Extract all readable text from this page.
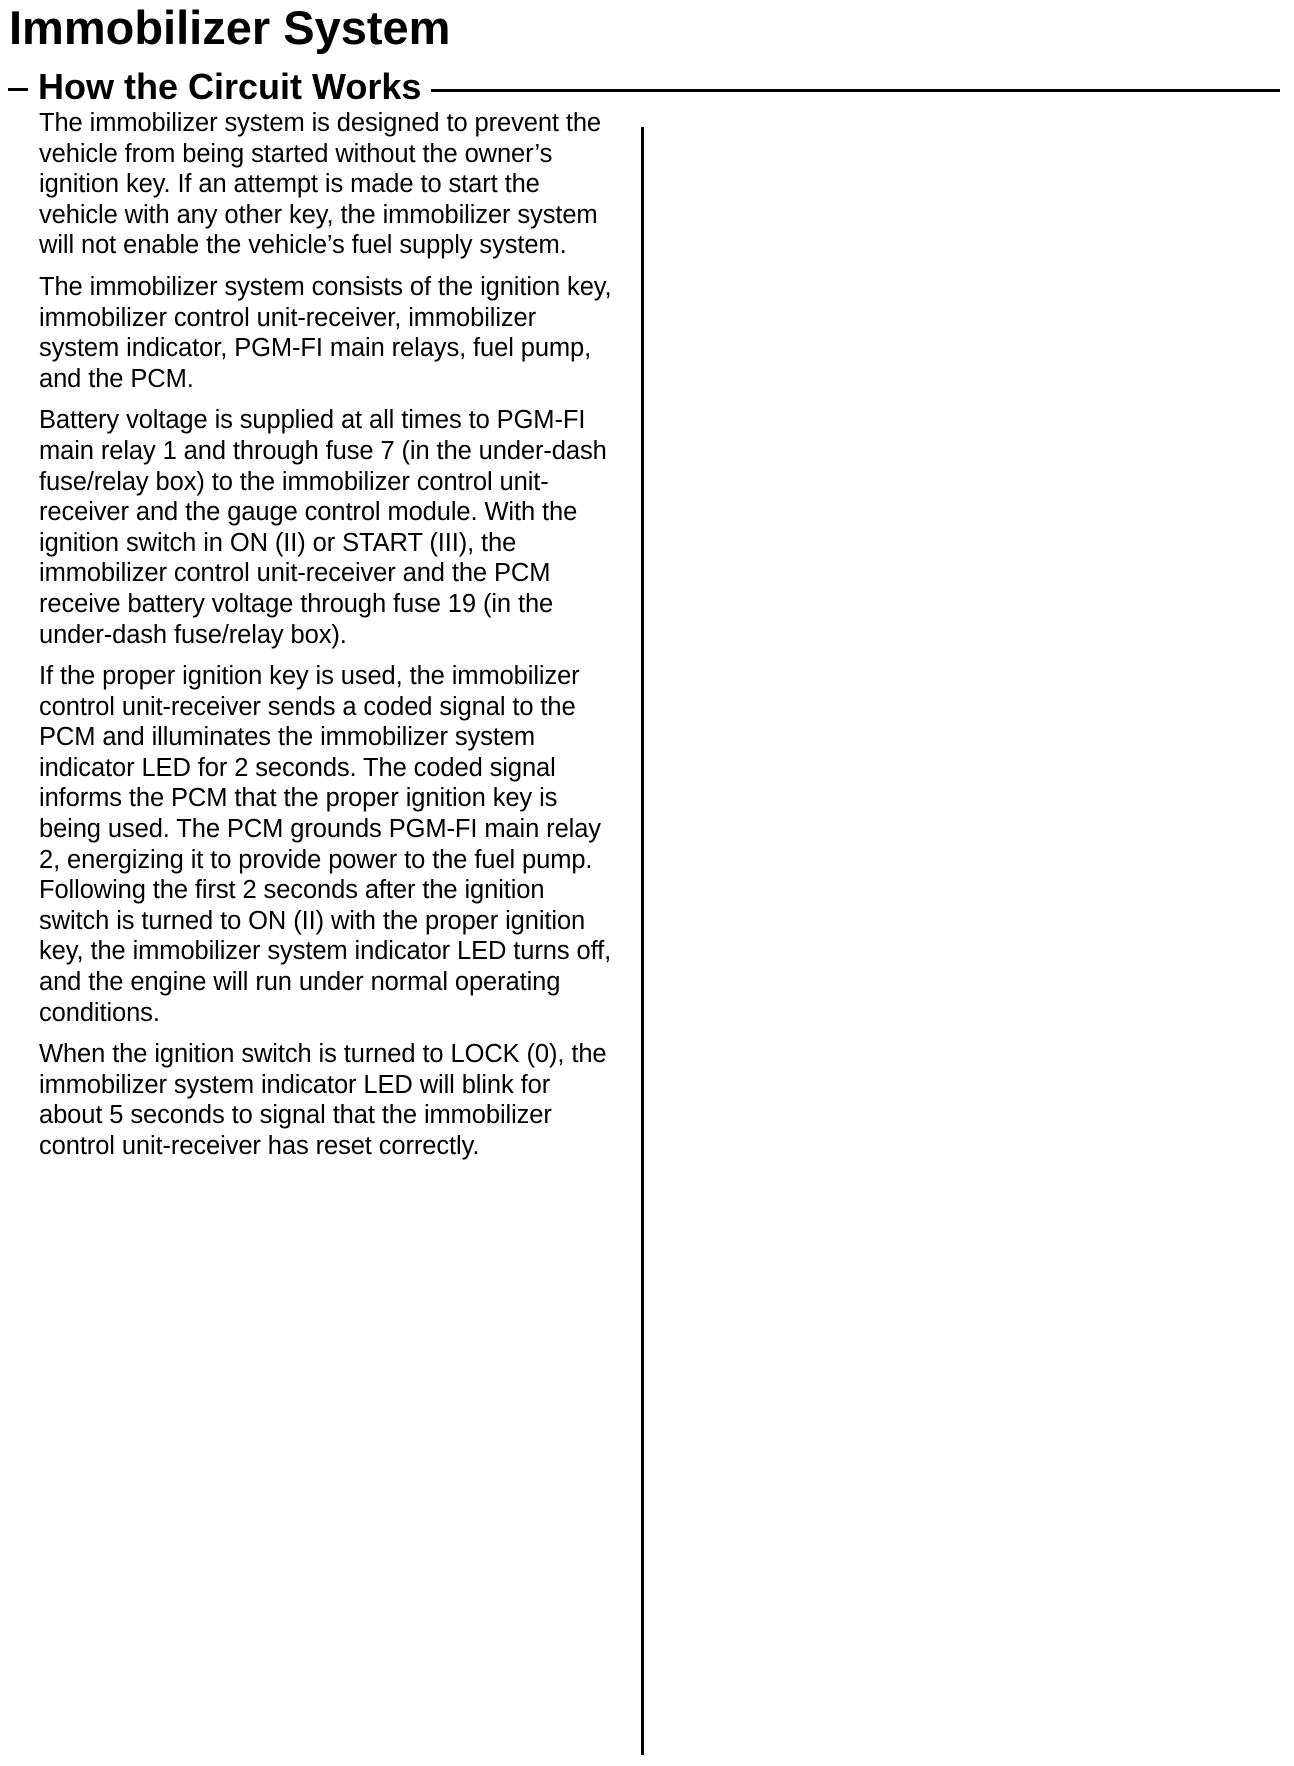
Immobilizer System
How the Circuit Works

The immobilizer system is designed to prevent the vehicle from being started without the owner’s ignition key. If an attempt is made to start the vehicle with any other key, the immobilizer system will not enable the vehicle’s fuel supply system.

The immobilizer system consists of the ignition key, immobilizer control unit-receiver, immobilizer system indicator, PGM-FI main relays, fuel pump, and the PCM.

Battery voltage is supplied at all times to PGM-FI main relay 1 and through fuse 7 (in the under-dash fuse/relay box) to the immobilizer control unit-receiver and the gauge control module. With the ignition switch in ON (II) or START (III), the immobilizer control unit-receiver and the PCM receive battery voltage through fuse 19 (in the under-dash fuse/relay box).

If the proper ignition key is used, the immobilizer control unit-receiver sends a coded signal to the PCM and illuminates the immobilizer system indicator LED for 2 seconds. The coded signal informs the PCM that the proper ignition key is being used. The PCM grounds PGM-FI main relay 2, energizing it to provide power to the fuel pump. Following the first 2 seconds after the ignition switch is turned to ON (II) with the proper ignition key, the immobilizer system indicator LED turns off, and the engine will run under normal operating conditions.

When the ignition switch is turned to LOCK (0), the immobilizer system indicator LED will blink for about 5 seconds to signal that the immobilizer control unit-receiver has reset correctly.
